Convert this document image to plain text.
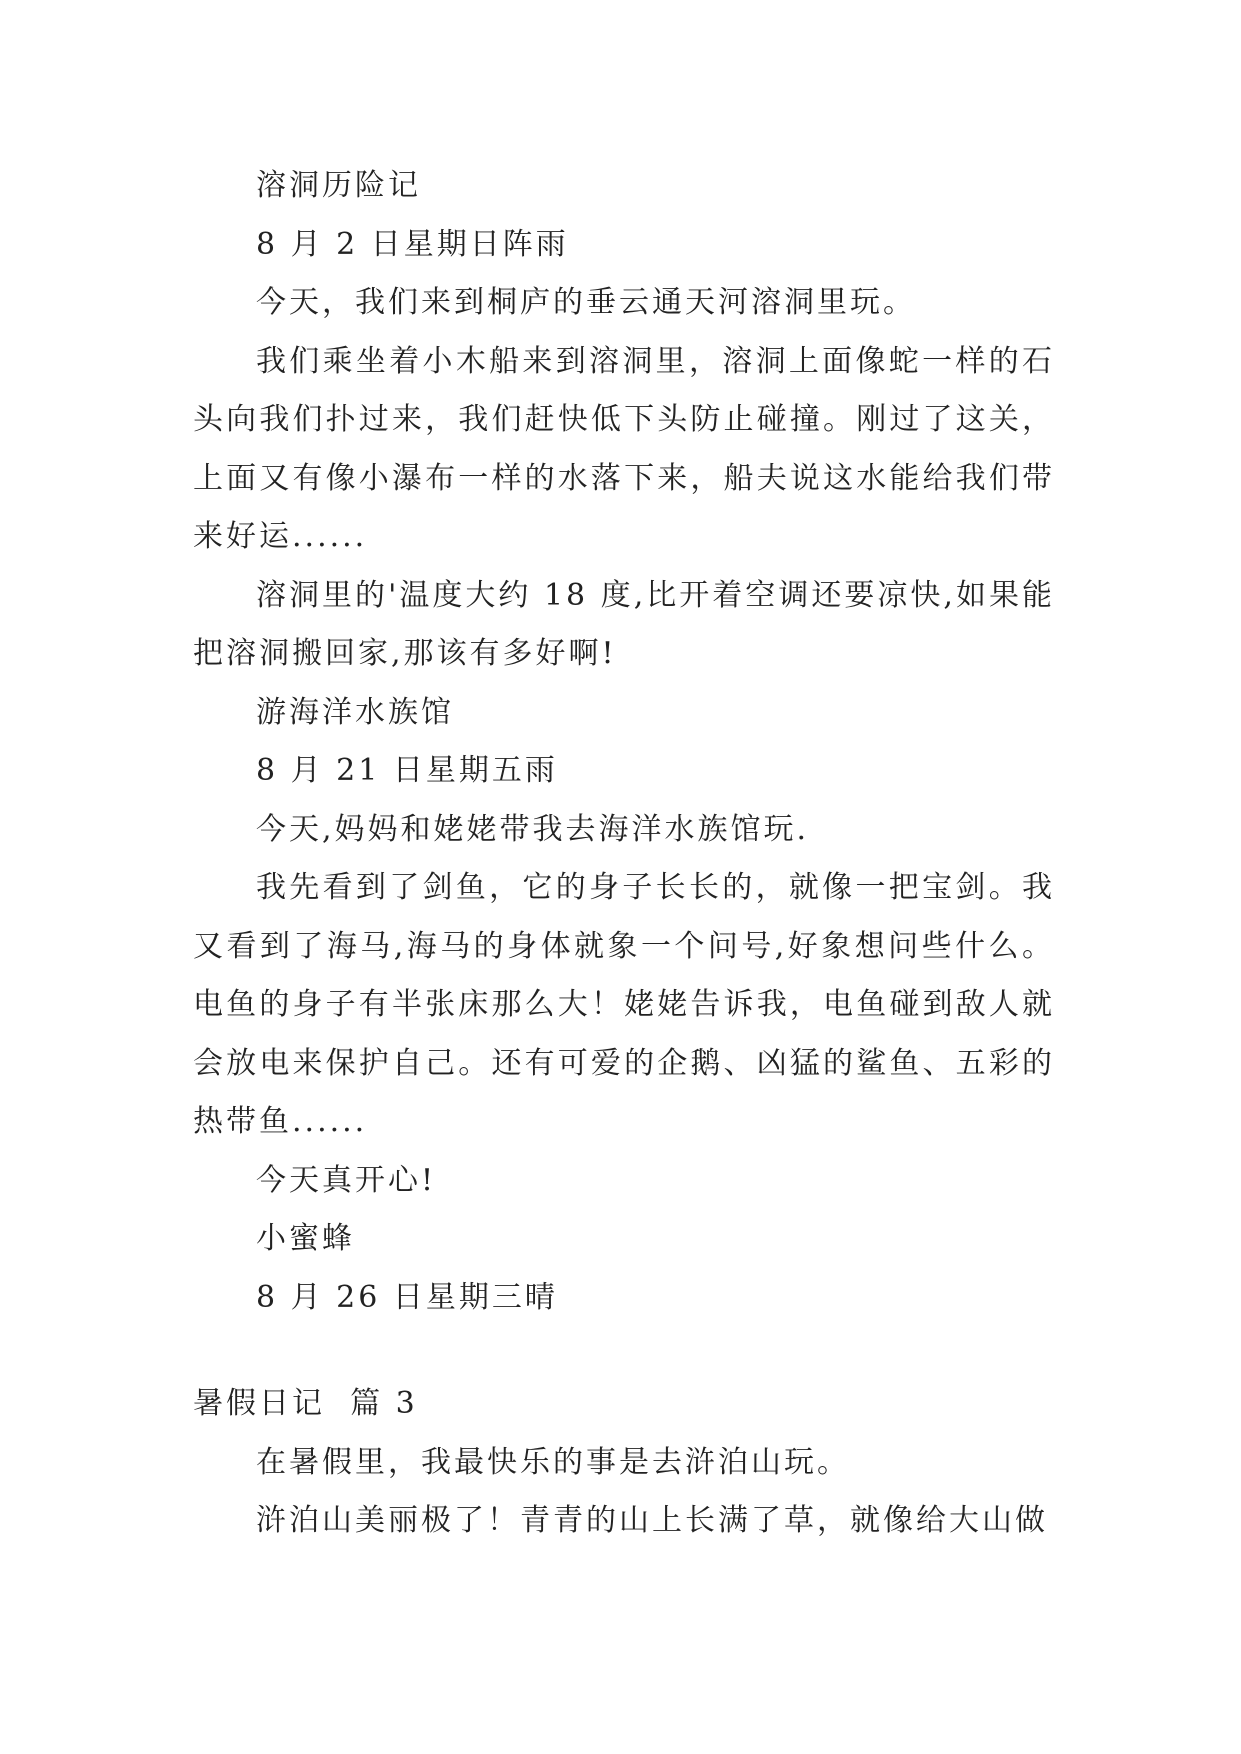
溶洞历险记

8 月 2 日星期日阵雨

今天，我们来到桐庐的垂云通天河溶洞里玩。

我们乘坐着小木船来到溶洞里，溶洞上面像蛇一样的石头向我们扑过来，我们赶快低下头防止碰撞。刚过了这关，上面又有像小瀑布一样的水落下来，船夫说这水能给我们带来好运......

溶洞里的'温度大约 18 度,比开着空调还要凉快,如果能把溶洞搬回家,那该有多好啊!

游海洋水族馆

8 月 21 日星期五雨

今天,妈妈和姥姥带我去海洋水族馆玩.

我先看到了剑鱼，它的身子长长的，就像一把宝剑。我又看到了海马,海马的身体就象一个问号,好象想问些什么。电鱼的身子有半张床那么大！姥姥告诉我，电鱼碰到敌人就会放电来保护自己。还有可爱的企鹅、凶猛的鲨鱼、五彩的热带鱼......

今天真开心!

小蜜蜂

8 月 26 日星期三晴

暑假日记  篇 3

在暑假里，我最快乐的事是去浒泊山玩。

浒泊山美丽极了！青青的山上长满了草，就像给大山做
